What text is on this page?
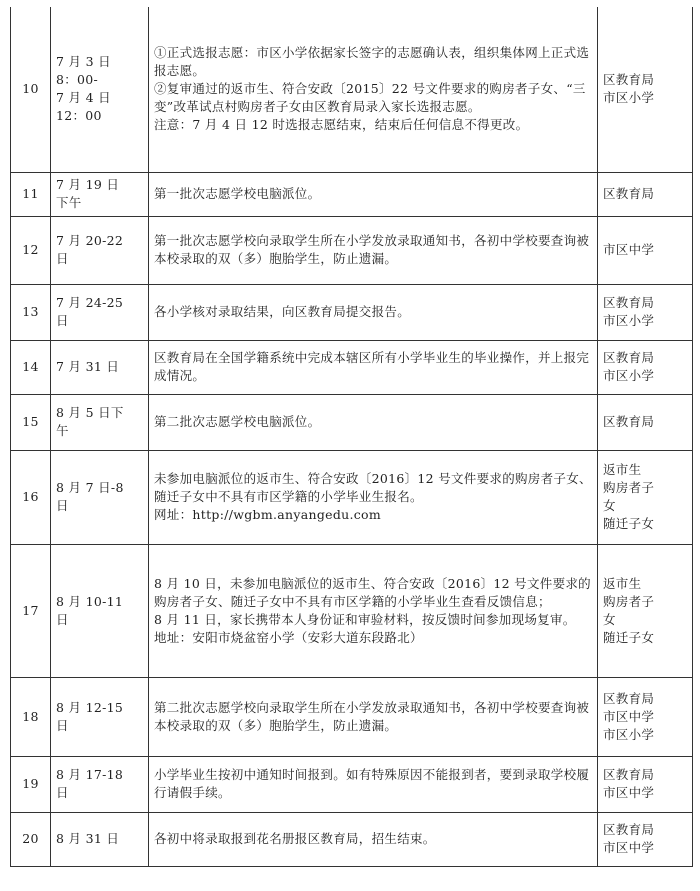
10	7 月 3 日
8：00-
7 月 4 日
12：00	①正式选报志愿：市区小学依据家长签字的志愿确认表，组织集体网上正式选报志愿。
②复审通过的返市生、符合安政〔2015〕22 号文件要求的购房者子女、“三变”改革试点村购房者子女由区教育局录入家长选报志愿。
注意：7 月 4 日 12 时选报志愿结束，结束后任何信息不得更改。	区教育局
市区小学

11	7 月 19 日
下午	第一批次志愿学校电脑派位。	区教育局

12	7 月 20-22
日	第一批次志愿学校向录取学生所在小学发放录取通知书，各初中学校要查询被本校录取的双（多）胞胎学生，防止遗漏。	市区中学

13	7 月 24-25
日	各小学核对录取结果，向区教育局提交报告。	区教育局
市区小学

14	7 月 31 日	区教育局在全国学籍系统中完成本辖区所有小学毕业生的毕业操作，并上报完成情况。	区教育局
市区小学

15	8 月 5 日下
午	第二批次志愿学校电脑派位。	区教育局

16	8 月 7 日-8
日	未参加电脑派位的返市生、符合安政〔2016〕12 号文件要求的购房者子女、随迁子女中不具有市区学籍的小学毕业生报名。
网址：http://wgbm.anyangedu.com	返市生
购房者子
女
随迁子女

17	8 月 10-11
日	8 月 10 日，未参加电脑派位的返市生、符合安政〔2016〕12 号文件要求的购房者子女、随迁子女中不具有市区学籍的小学毕业生查看反馈信息；
8 月 11 日，家长携带本人身份证和审验材料，按反馈时间参加现场复审。
地址：安阳市烧盆窑小学（安彩大道东段路北）	返市生
购房者子
女
随迁子女

18	8 月 12-15
日	第二批次志愿学校向录取学生所在小学发放录取通知书，各初中学校要查询被本校录取的双（多）胞胎学生，防止遗漏。	区教育局
市区中学
市区小学

19	8 月 17-18
日	小学毕业生按初中通知时间报到。如有特殊原因不能报到者，要到录取学校履行请假手续。	区教育局
市区中学

20	8 月 31 日	各初中将录取报到花名册报区教育局，招生结束。	区教育局
市区中学
